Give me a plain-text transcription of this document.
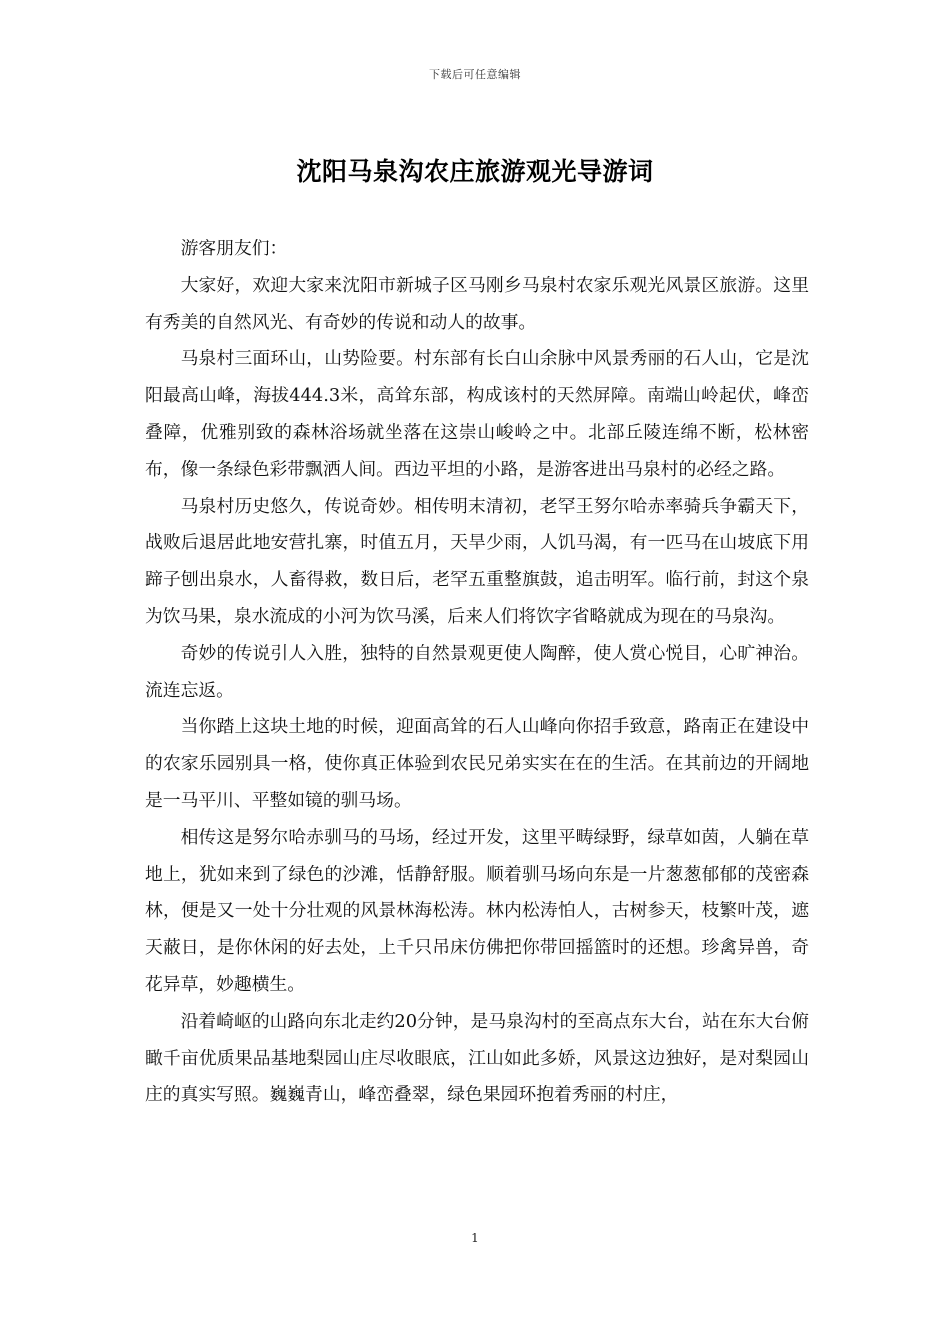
下载后可任意编辑
沈阳马泉沟农庄旅游观光导游词

游客朋友们：

大家好，欢迎大家来沈阳市新城子区马刚乡马泉村农家乐观光风景区旅游。这里有秀美的自然风光、有奇妙的传说和动人的故事。

马泉村三面环山，山势险要。村东部有长白山余脉中风景秀丽的石人山，它是沈阳最高山峰，海拔444.3米，高耸东部，构成该村的天然屏障。南端山岭起伏，峰峦叠障，优雅别致的森林浴场就坐落在这崇山峻岭之中。北部丘陵连绵不断，松林密布，像一条绿色彩带飘洒人间。西边平坦的小路，是游客进出马泉村的必经之路。

马泉村历史悠久，传说奇妙。相传明末清初，老罕王努尔哈赤率骑兵争霸天下，战败后退居此地安营扎寨，时值五月，天旱少雨，人饥马渴，有一匹马在山坡底下用蹄子刨出泉水，人畜得救，数日后，老罕五重整旗鼓，追击明军。临行前，封这个泉为饮马果，泉水流成的小河为饮马溪，后来人们将饮字省略就成为现在的马泉沟。

奇妙的传说引人入胜，独特的自然景观更使人陶醉，使人赏心悦目，心旷神治。流连忘返。

当你踏上这块土地的时候，迎面高耸的石人山峰向你招手致意，路南正在建设中的农家乐园别具一格，使你真正体验到农民兄弟实实在在的生活。在其前边的开阔地是一马平川、平整如镜的驯马场。

相传这是努尔哈赤驯马的马场，经过开发，这里平畴绿野，绿草如茵，人躺在草地上，犹如来到了绿色的沙滩，恬静舒服。顺着驯马场向东是一片葱葱郁郁的茂密森林，便是又一处十分壮观的风景林海松涛。林内松涛怕人，古树参天，枝繁叶茂，遮天蔽日，是你休闲的好去处，上千只吊床仿佛把你带回摇篮时的还想。珍禽异兽，奇花异草，妙趣横生。

沿着崎岖的山路向东北走约20分钟，是马泉沟村的至高点东大台，站在东大台俯瞰千亩优质果品基地梨园山庄尽收眼底，江山如此多娇，风景这边独好，是对梨园山庄的真实写照。巍巍青山，峰峦叠翠，绿色果园环抱着秀丽的村庄，

1
